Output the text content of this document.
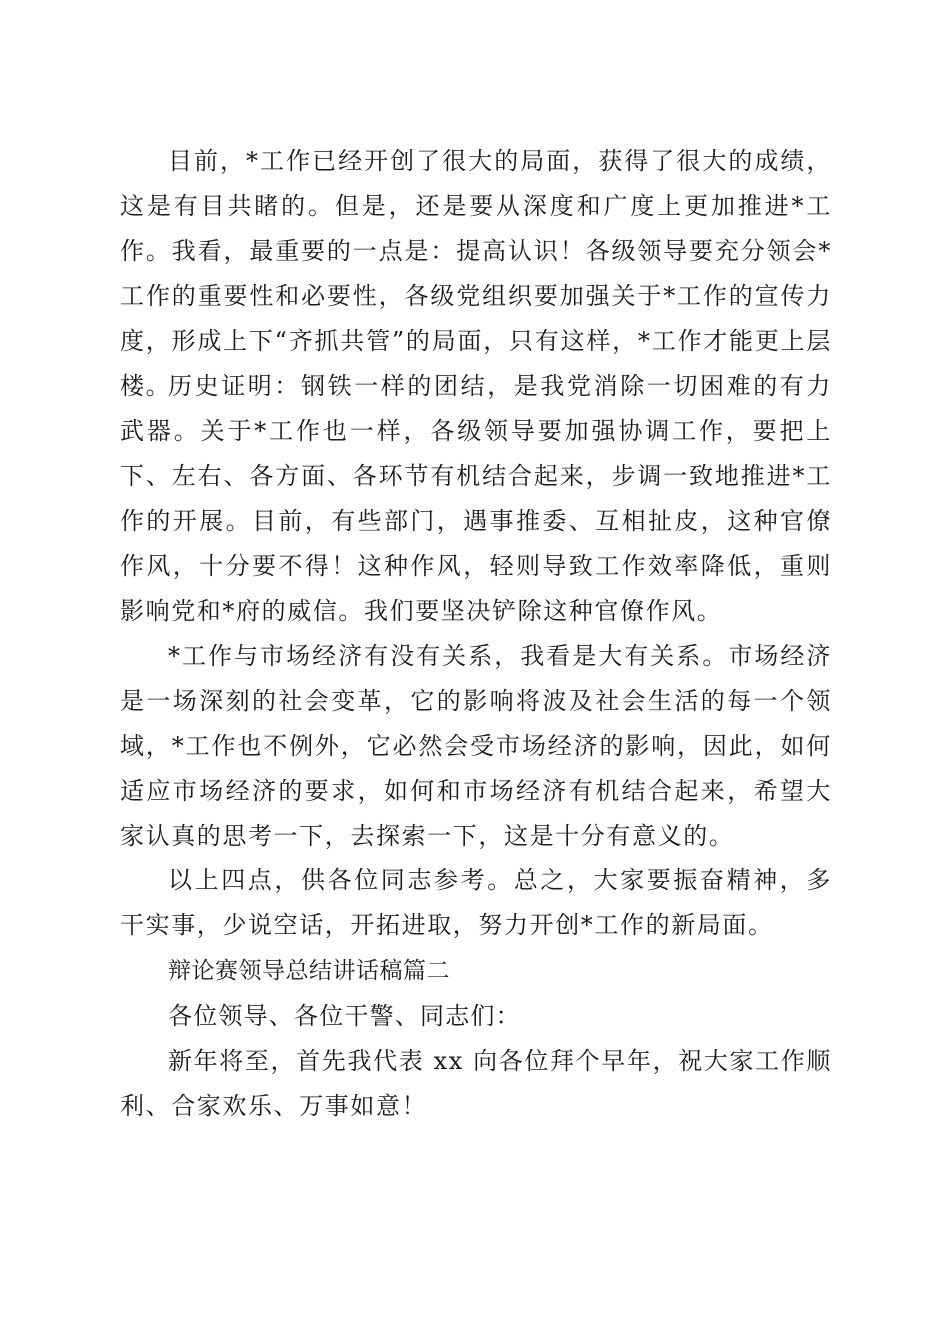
目前，*工作已经开创了很大的局面，获得了很大的成绩，这是有目共睹的。但是，还是要从深度和广度上更加推进*工作。我看，最重要的一点是：提高认识！各级领导要充分领会*工作的重要性和必要性，各级党组织要加强关于*工作的宣传力度，形成上下“齐抓共管”的局面，只有这样，*工作才能更上层楼。

历史证明：钢铁一样的团结，是我党消除一切困难的有力武器。关于*工作也一样，各级领导要加强协调工作，要把上下、左右、各方面、各环节有机结合起来，步调一致地推进*工作的开展。目前，有些部门，遇事推委、互相扯皮，这种官僚作风，十分要不得！这种作风，轻则导致工作效率降低，重则影响党和*府的威信。我们要坚决铲除这种官僚作风。

*工作与市场经济有没有关系，我看是大有关系。市场经济是一场深刻的社会变革，它的影响将波及社会生活的每一个领域，*工作也不例外，它必然会受市场经济的影响，因此，如何适应市场经济的要求，如何和市场经济有机结合起来，希望大家认真的思考一下，去探索一下，这是十分有意义的。

以上四点，供各位同志参考。总之，大家要振奋精神，多干实事，少说空话，开拓进取，努力开创*工作的新局面。

辩论赛领导总结讲话稿篇二

各位领导、各位干警、同志们：

新年将至，首先我代表 xx 向各位拜个早年，祝大家工作顺利、合家欢乐、万事如意！
